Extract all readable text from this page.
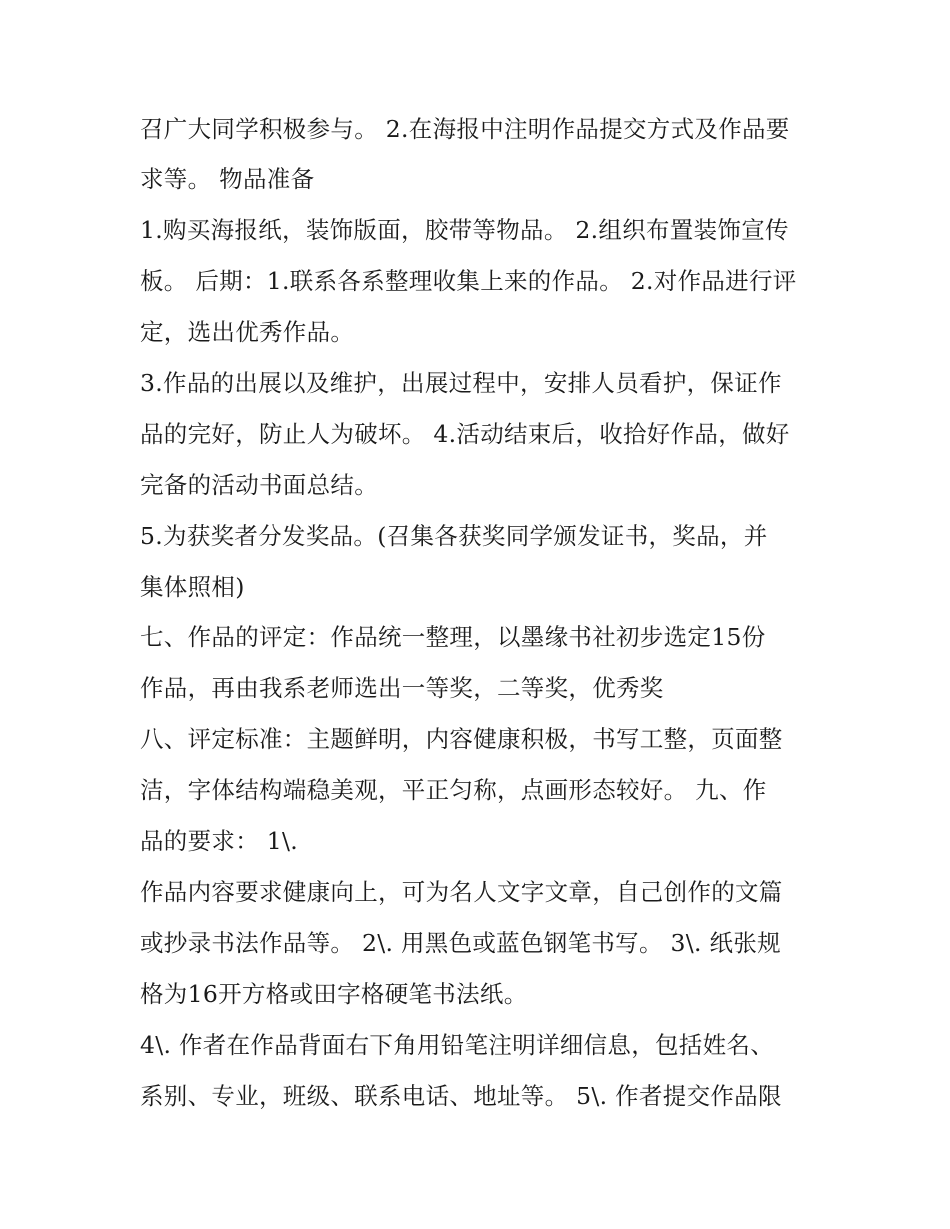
召广大同学积极参与。 2.在海报中注明作品提交方式及作品要
求等。 物品准备
1.购买海报纸，装饰版面，胶带等物品。 2.组织布置装饰宣传
板。 后期：1.联系各系整理收集上来的作品。 2.对作品进行评
定，选出优秀作品。
3.作品的出展以及维护，出展过程中，安排人员看护，保证作
品的完好，防止人为破坏。 4.活动结束后，收拾好作品，做好
完备的活动书面总结。
5.为获奖者分发奖品。(召集各获奖同学颁发证书，奖品，并
集体照相)
七、作品的评定：作品统一整理，以墨缘书社初步选定15份
作品，再由我系老师选出一等奖，二等奖，优秀奖
八、评定标准：主题鲜明，内容健康积极，书写工整，页面整
洁，字体结构端稳美观，平正匀称，点画形态较好。 九、作
品的要求： 1\.
作品内容要求健康向上，可为名人文字文章，自己创作的文篇
或抄录书法作品等。 2\. 用黑色或蓝色钢笔书写。 3\. 纸张规
格为16开方格或田字格硬笔书法纸。
4\. 作者在作品背面右下角用铅笔注明详细信息，包括姓名、
系别、专业，班级、联系电话、地址等。 5\. 作者提交作品限
